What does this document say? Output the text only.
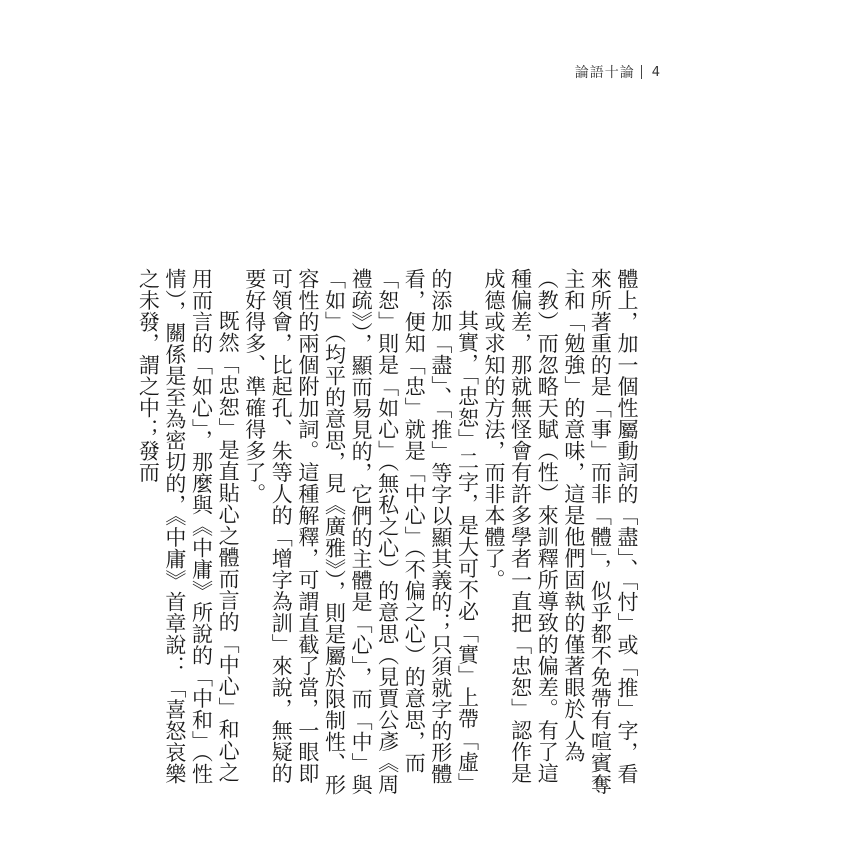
論語十論 4

體上，加一個性屬動詞的「盡」、「忖」或「推」字，看來所著重的是「事」而非「體」，似乎都不免帶有喧賓奪主和「勉強」的意味，這是他們固執的僅著眼於人為（教）而忽略天賦（性）來訓釋所導致的偏差。有了這種偏差，那就無怪會有許多學者一直把「忠恕」認作是成德或求知的方法，而非本體了。

其實，「忠恕」二字，是大可不必「實」上帶「虛」的添加「盡」、「推」等字以顯其義的；只須就字的形體看，便知「忠」就是「中心」（不偏之心）的意思，而「恕」則是「如心」（無私之心）的意思（見賈公彥《周禮疏》），顯而易見的，它們的主體是「心」，而「中」與「如」（均平的意思，見《廣雅》），則是屬於限制性、形容性的兩個附加詞。這種解釋，可謂直截了當，一眼即可領會，比起孔、朱等人的「增字為訓」來說，無疑的要好得多、準確得多了。

既然「忠恕」是直貼心之體而言的「中心」和心之用而言的「如心」，那麼與《中庸》所說的「中和」（性情），關係是至為密切的，《中庸》首章說：「喜怒哀樂之未發，謂之中；發而
